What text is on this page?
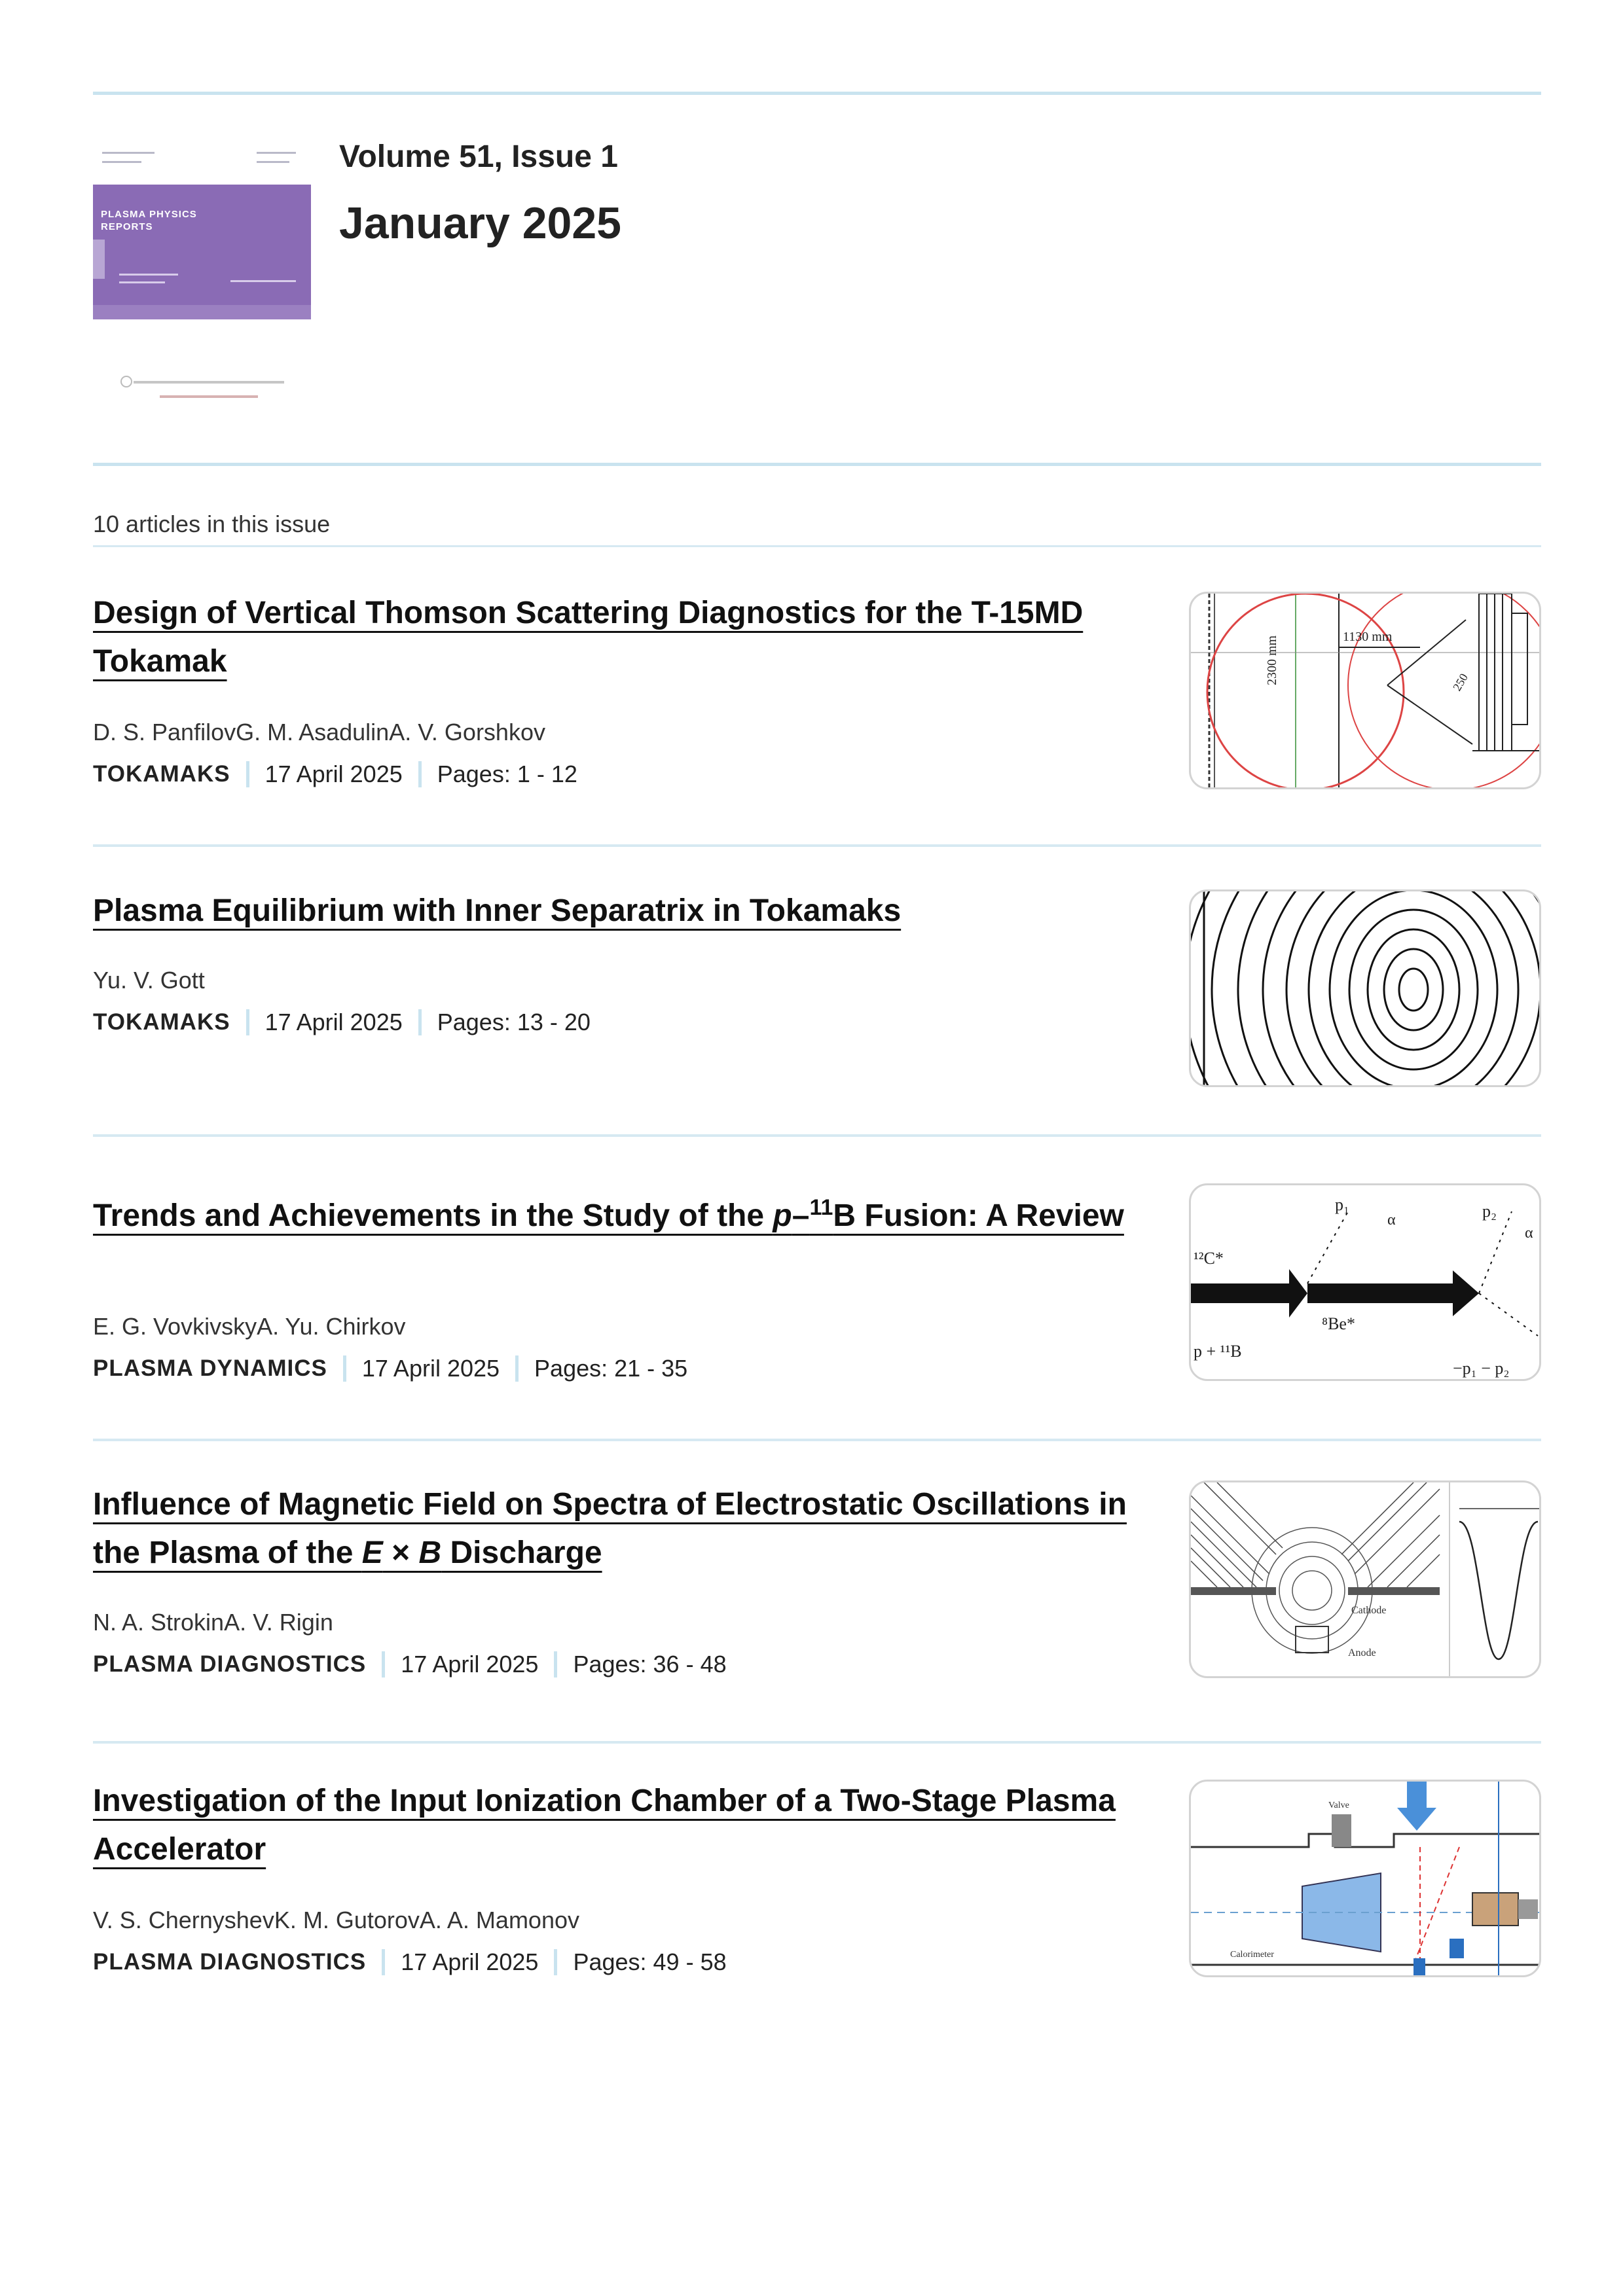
PLASMA PHYSICS
REPORTS
Volume 51, Issue 1
January 2025
10 articles in this issue
Design of Vertical Thomson Scattering Diagnostics for the T-15MD Tokamak
D. S. PanfilovG. M. AsadulinA. V. Gorshkov
TOKAMAKS 17 April 2025 Pages: 1 - 12
1130 mm
2300 mm	250
Plasma Equilibrium with Inner Separatrix in Tokamaks
Yu. V. Gott
TOKAMAKS 17 April 2025 Pages: 13 - 20
Trends and Achievements in the Study of the p–$^{11}$B Fusion: A Review
E. G. VovkivskyA. Yu. Chirkov
PLASMA DYNAMICS 17 April 2025 Pages: 21 - 35
p₁
α	p₂
α
¹²C*
⁸Be*
p + ¹¹B
−p₁ − p₂
Influence of Magnetic Field on Spectra of Electrostatic Oscillations in the Plasma of the E × B Discharge
N. A. StrokinA. V. Rigin
PLASMA DIAGNOSTICS 17 April 2025 Pages: 36 - 48
Cathode
Anode
Investigation of the Input Ionization Chamber of a Two-Stage Plasma Accelerator
V. S. ChernyshevK. M. GutorovA. A. Mamonov
PLASMA DIAGNOSTICS 17 April 2025 Pages: 49 - 58
Valve
Calorimeter
